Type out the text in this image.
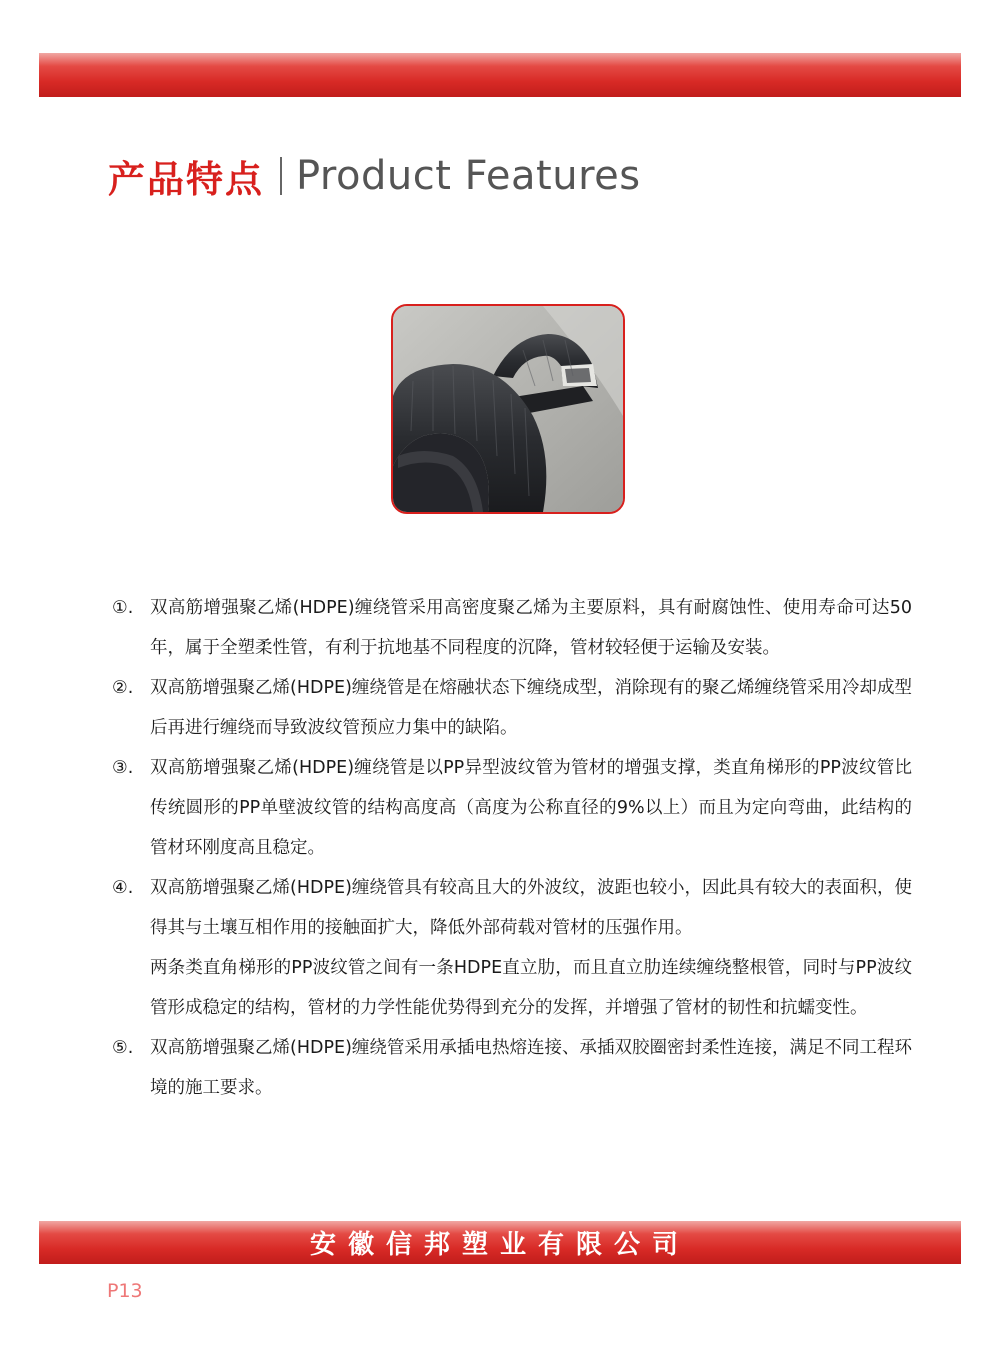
产品特点 Product Features
①. 双高筋增强聚乙烯(HDPE)缠绕管采用高密度聚乙烯为主要原料，具有耐腐蚀性、使用寿命可达50年，属于全塑柔性管，有利于抗地基不同程度的沉降，管材较轻便于运输及安装。

②. 双高筋增强聚乙烯(HDPE)缠绕管是在熔融状态下缠绕成型，消除现有的聚乙烯缠绕管采用冷却成型后再进行缠绕而导致波纹管预应力集中的缺陷。

③. 双高筋增强聚乙烯(HDPE)缠绕管是以PP异型波纹管为管材的增强支撑，类直角梯形的PP波纹管比传统圆形的PP单壁波纹管的结构高度高（高度为公称直径的9%以上）而且为定向弯曲，此结构的管材环刚度高且稳定。

④. 双高筋增强聚乙烯(HDPE)缠绕管具有较高且大的外波纹，波距也较小，因此具有较大的表面积，使得其与土壤互相作用的接触面扩大，降低外部荷载对管材的压强作用。

两条类直角梯形的PP波纹管之间有一条HDPE直立肋，而且直立肋连续缠绕整根管，同时与PP波纹管形成稳定的结构，管材的力学性能优势得到充分的发挥，并增强了管材的韧性和抗蠕变性。

⑤. 双高筋增强聚乙烯(HDPE)缠绕管采用承插电热熔连接、承插双胶圈密封柔性连接，满足不同工程环境的施工要求。

安徽信邦塑业有限公司
P13
